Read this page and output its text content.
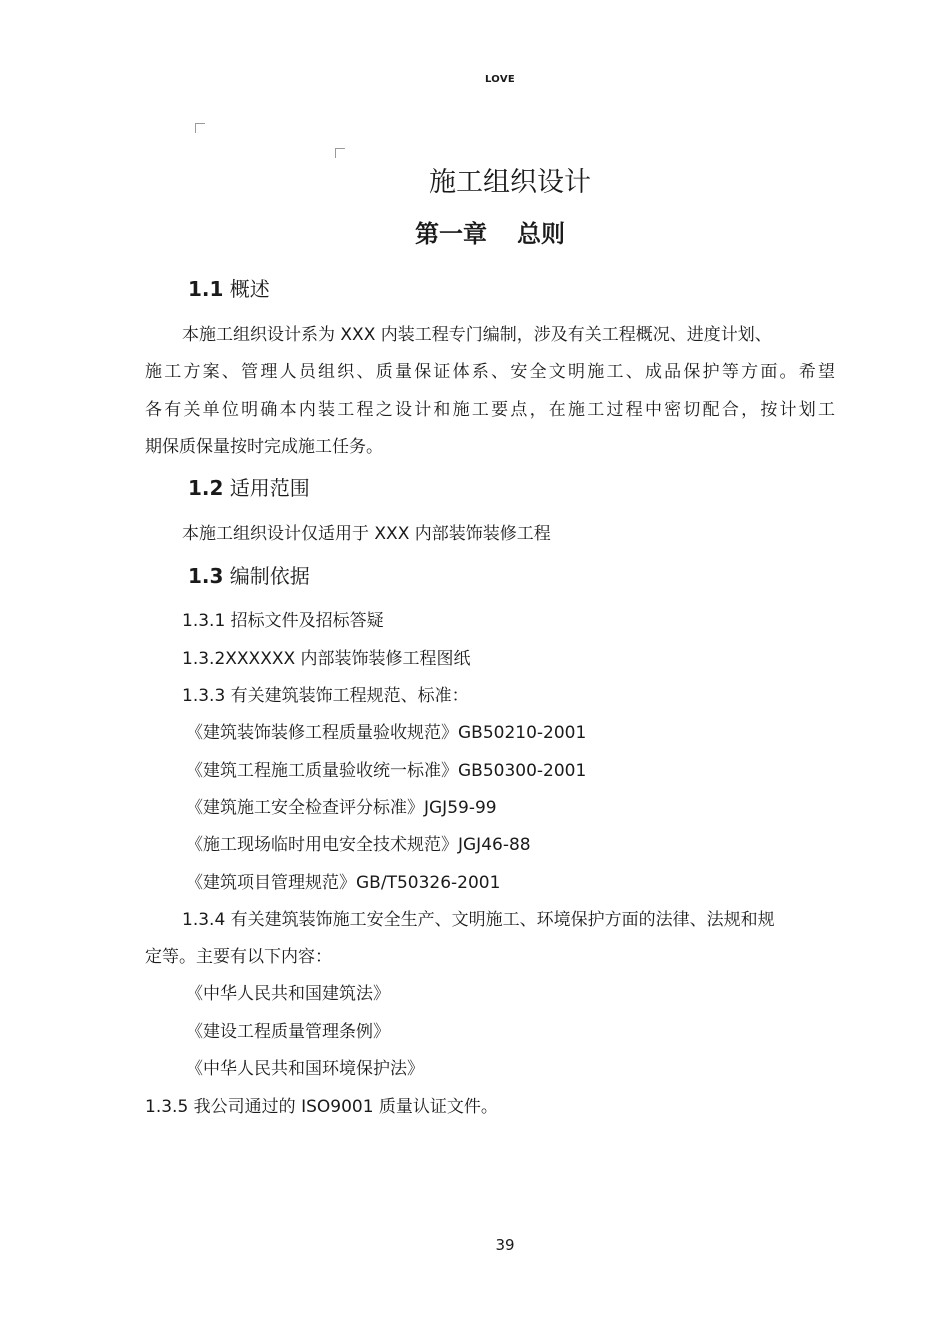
LOVE
施工组织设计
第一章 总则
1.1 概述
本施工组织设计系为 XXX 内装工程专门编制，涉及有关工程概况、进度计划、
施工方案、管理人员组织、质量保证体系、安全文明施工、成品保护等方面。希望
各有关单位明确本内装工程之设计和施工要点，在施工过程中密切配合，按计划工
期保质保量按时完成施工任务。
1.2 适用范围
本施工组织设计仅适用于 XXX 内部装饰装修工程
1.3 编制依据
1.3.1 招标文件及招标答疑
1.3.2XXXXXX 内部装饰装修工程图纸
1.3.3 有关建筑装饰工程规范、标准：
《建筑装饰装修工程质量验收规范》GB50210-2001
《建筑工程施工质量验收统一标准》GB50300-2001
《建筑施工安全检查评分标准》JGJ59-99
《施工现场临时用电安全技术规范》JGJ46-88
《建筑项目管理规范》GB/T50326-2001
1.3.4 有关建筑装饰施工安全生产、文明施工、环境保护方面的法律、法规和规
定等。主要有以下内容：
《中华人民共和国建筑法》
《建设工程质量管理条例》
《中华人民共和国环境保护法》
1.3.5 我公司通过的 ISO9001 质量认证文件。
39
